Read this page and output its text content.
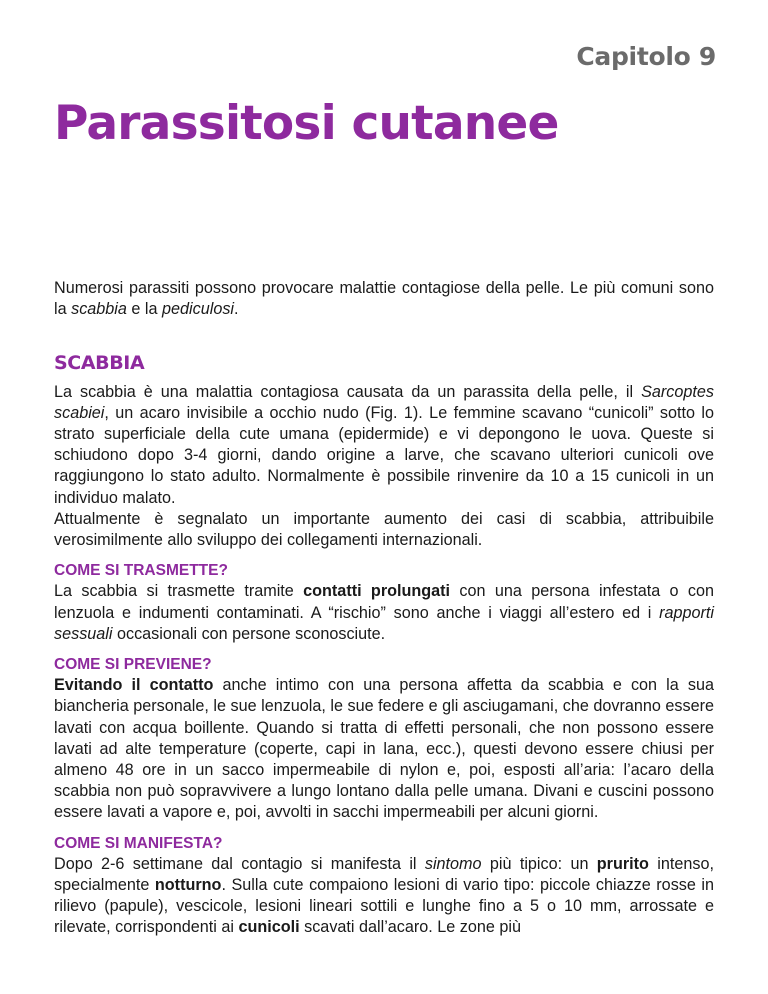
Capitolo 9
Parassitosi cutanee

Numerosi parassiti possono provocare malattie contagiose della pelle. Le più comuni sono la scabbia e la pediculosi.

SCABBIA

La scabbia è una malattia contagiosa causata da un parassita della pelle, il Sarcoptes scabiei, un acaro invisibile a occhio nudo (Fig. 1). Le femmine scavano “cunicoli” sotto lo strato superficiale della cute umana (epidermide) e vi depongono le uova. Queste si schiudono dopo 3-4 giorni, dando origine a larve, che scavano ulteriori cunicoli ove raggiungono lo stato adulto. Normalmente è possibile rinvenire da 10 a 15 cunicoli in un individuo malato.

Attualmente è segnalato un importante aumento dei casi di scabbia, attribuibile verosimilmente allo sviluppo dei collegamenti internazionali.

COME SI TRASMETTE?

La scabbia si trasmette tramite contatti prolungati con una persona infestata o con lenzuola e indumenti contaminati. A “rischio” sono anche i viaggi all’estero ed i rapporti sessuali occasionali con persone sconosciute.

COME SI PREVIENE?

Evitando il contatto anche intimo con una persona affetta da scabbia e con la sua biancheria personale, le sue lenzuola, le sue federe e gli asciugamani, che dovranno essere lavati con acqua boillente. Quando si tratta di effetti personali, che non possono essere lavati ad alte temperature (coperte, capi in lana, ecc.), questi devono essere chiusi per almeno 48 ore in un sacco impermeabile di nylon e, poi, esposti all’aria: l’acaro della scabbia non può sopravvivere a lungo lontano dalla pelle umana. Divani e cuscini possono essere lavati a vapore e, poi, avvolti in sacchi impermeabili per alcuni giorni.

COME SI MANIFESTA?

Dopo 2-6 settimane dal contagio si manifesta il sintomo più tipico: un prurito intenso, specialmente notturno. Sulla cute compaiono lesioni di vario tipo: piccole chiazze rosse in rilievo (papule), vescicole, lesioni lineari sottili e lunghe fino a 5 o 10 mm, arrossate e rilevate, corrispondenti ai cunicoli scavati dall’acaro. Le zone più
